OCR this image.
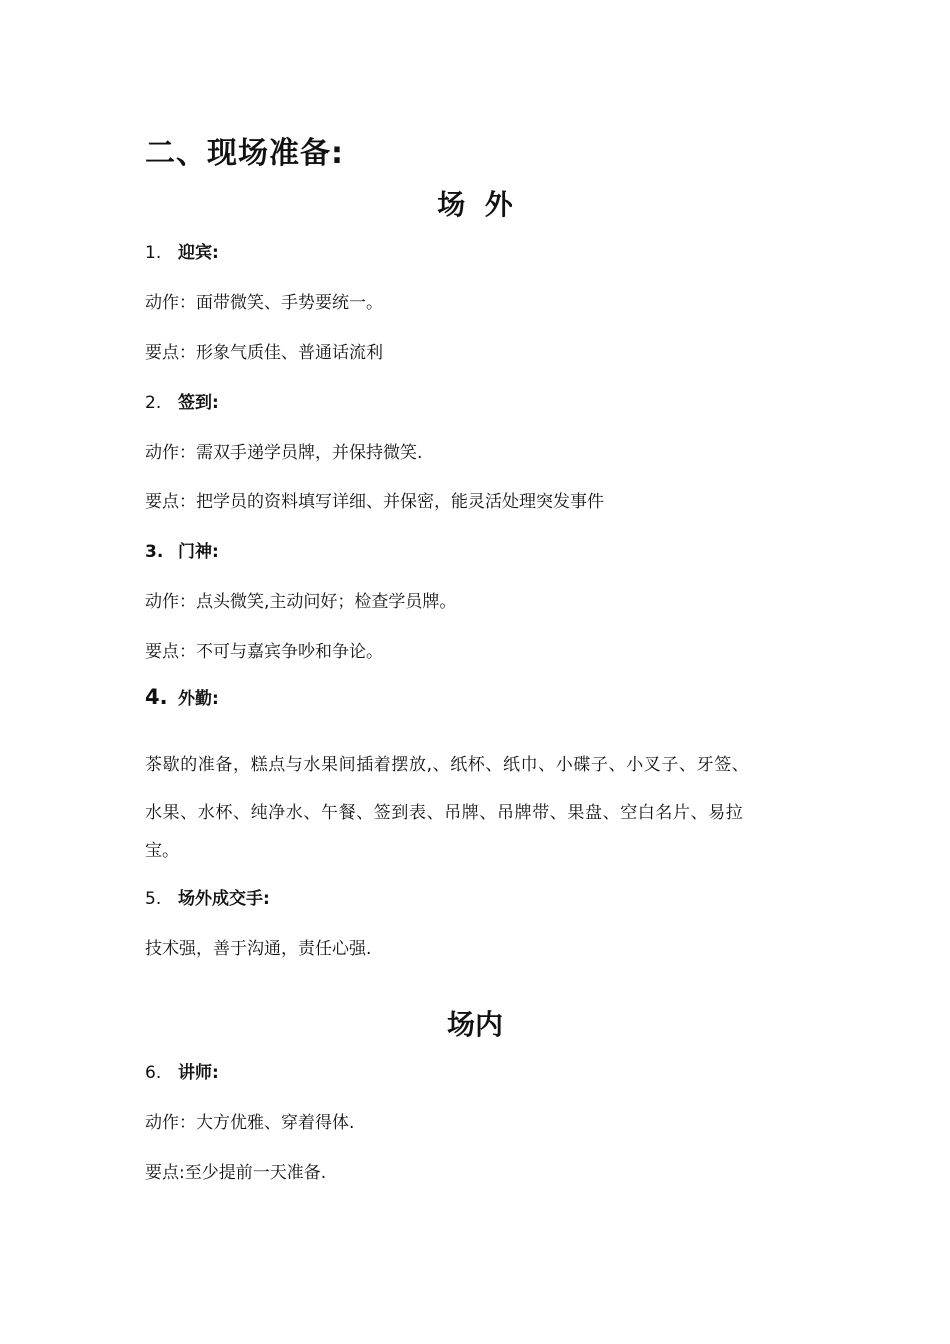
二、现场准备:
场  外
1. 迎宾:
动作：面带微笑、手势要统一。
要点：形象气质佳、普通话流利
2. 签到:
动作：需双手递学员牌，并保持微笑.
要点：把学员的资料填写详细、并保密，能灵活处理突发事件
3. 门神:
动作：点头微笑,主动问好；检查学员牌。
要点：不可与嘉宾争吵和争论。
4. 外勤:
茶歇的准备，糕点与水果间插着摆放,、纸杯、纸巾、小碟子、小叉子、牙签、
水果、水杯、纯净水、午餐、签到表、吊牌、吊牌带、果盘、空白名片、易拉
宝。
5. 场外成交手:
技术强，善于沟通，责任心强.
场内
6. 讲师:
动作：大方优雅、穿着得体.
要点:至少提前一天准备.
